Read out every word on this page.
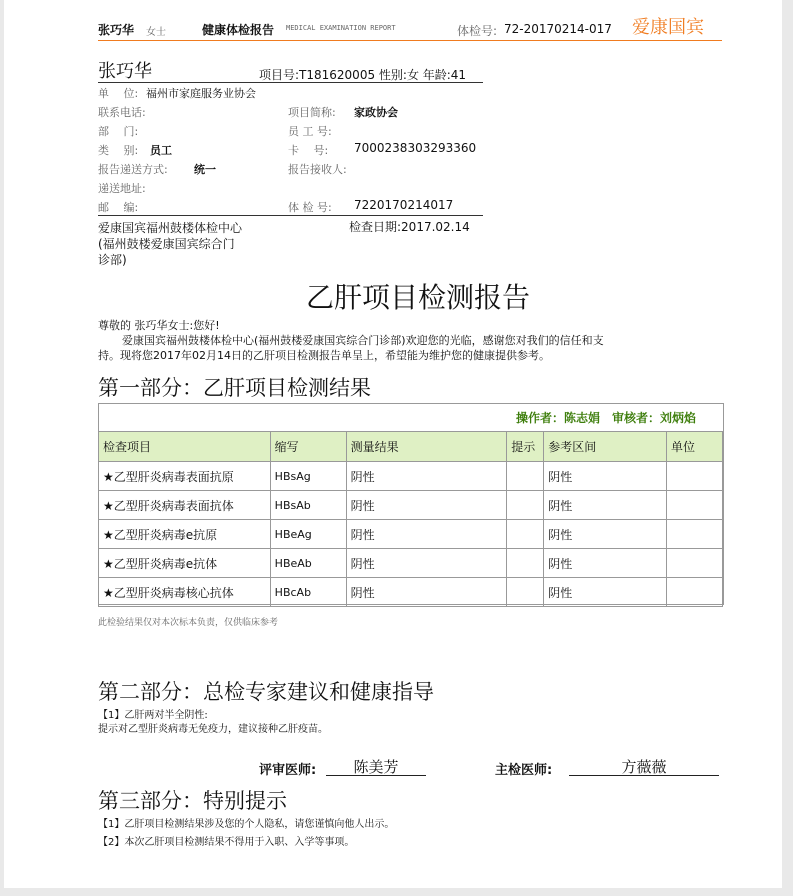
张巧华 女士	健康体检报告 MEDICAL EXAMINATION REPORT	体检号: 72-20170214-017 爱康国宾
张巧华	项目号:T181620005 性别:女 年龄:41
单　 位: 福州市家庭服务业协会
联系电话:
部　 门:
类　 别: 员工
报告递送方式: 统一
递送地址:
邮　 编:
项目简称: 家政协会
员 工 号:
卡　 号: 7000238303293360
报告接收人:
体 检 号: 7220170214017
爱康国宾福州鼓楼体检中心
(福州鼓楼爱康国宾综合门
诊部)
检查日期:2017.02.14
乙肝项目检测报告
尊敬的 张巧华女士:您好!
爱康国宾福州鼓楼体检中心(福州鼓楼爱康国宾综合门诊部)欢迎您的光临，感谢您对我们的信任和支
持。现将您2017年02月14日的乙肝项目检测报告单呈上，希望能为维护您的健康提供参考。
第一部分：乙肝项目检测结果
操作者：陈志娟　审核者：刘炳焰
检查项目	缩写	测量结果	提示	参考区间	单位
★乙型肝炎病毒表面抗原	HBsAg	阴性		阴性	
★乙型肝炎病毒表面抗体	HBsAb	阴性		阴性	
★乙型肝炎病毒e抗原	HBeAg	阴性		阴性	
★乙型肝炎病毒e抗体	HBeAb	阴性		阴性	
★乙型肝炎病毒核心抗体	HBcAb	阴性		阴性	
此检验结果仅对本次标本负责，仅供临床参考
第二部分：总检专家建议和健康指导
【1】乙肝两对半全阴性:
提示对乙型肝炎病毒无免疫力，建议接种乙肝疫苗。
评审医师:	陈美芳	主检医师:	方薇薇
第三部分：特别提示
【1】乙肝项目检测结果涉及您的个人隐私，请您谨慎向他人出示。
【2】本次乙肝项目检测结果不得用于入职、入学等事项。
